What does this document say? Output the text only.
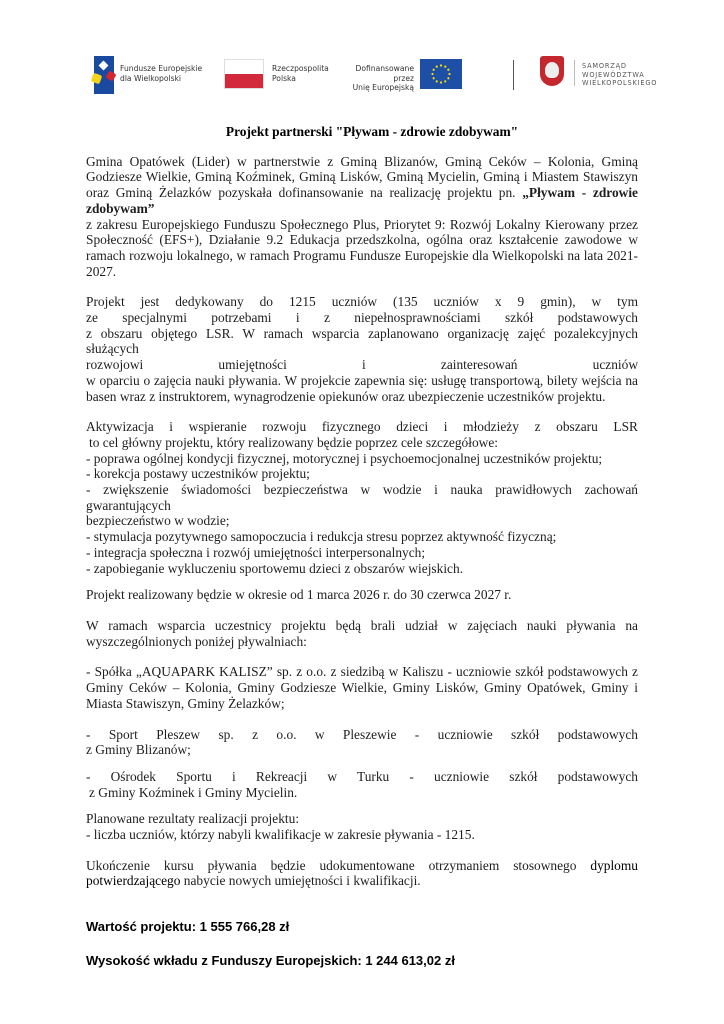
Fundusze Europejskie
dla Wielkopolski
Rzeczpospolita
Polska
Dofinansowane przez
Unię Europejską
SAMORZĄD
WOJEWÓDZTWA
WIELKOPOLSKIEGO

Projekt partnerski "Pływam - zdrowie zdobywam"

Gmina Opatówek (Lider) w partnerstwie z Gminą Blizanów, Gminą Ceków – Kolonia, Gminą
Godziesze Wielkie, Gminą Koźminek, Gminą Lisków, Gminą Mycielin, Gminą i Miastem Stawiszyn
oraz Gminą Żelazków pozyskała dofinansowanie na realizację projektu pn. „Pływam - zdrowie
zdobywam”
z zakresu Europejskiego Funduszu Społecznego Plus, Priorytet 9: Rozwój Lokalny Kierowany przez
Społeczność (EFS+), Działanie 9.2 Edukacja przedszkolna, ogólna oraz kształcenie zawodowe w
ramach rozwoju lokalnego, w ramach Programu Fundusze Europejskie dla Wielkopolski na lata 2021-
2027.
Projekt jest dedykowany do 1215 uczniów (135 uczniów x 9 gmin), w tym
ze specjalnymi potrzebami i z niepełnosprawnościami szkół podstawowych
z obszaru objętego LSR. W ramach wsparcia zaplanowano organizację zajęć pozalekcyjnych służących
rozwojowi umiejętności i zainteresowań uczniów
w oparciu o zajęcia nauki pływania. W projekcie zapewnia się: usługę transportową, bilety wejścia na
basen wraz z instruktorem, wynagrodzenie opiekunów oraz ubezpieczenie uczestników projektu.
Aktywizacja i wspieranie rozwoju fizycznego dzieci i młodzieży z obszaru LSR
to cel główny projektu, który realizowany będzie poprzez cele szczegółowe:
- poprawa ogólnej kondycji fizycznej, motorycznej i psychoemocjonalnej uczestników projektu;
- korekcja postawy uczestników projektu;
- zwiększenie świadomości bezpieczeństwa w wodzie i nauka prawidłowych zachowań gwarantujących
bezpieczeństwo w wodzie;
- stymulacja pozytywnego samopoczucia i redukcja stresu poprzez aktywność fizyczną;
- integracja społeczna i rozwój umiejętności interpersonalnych;
- zapobieganie wykluczeniu sportowemu dzieci z obszarów wiejskich.

Projekt realizowany będzie w okresie od 1 marca 2026 r. do 30 czerwca 2027 r.

W ramach wsparcia uczestnicy projektu będą brali udział w zajęciach nauki pływania na
wyszczególnionych poniżej pływalniach:
- Spółka „AQUAPARK KALISZ” sp. z o.o. z siedzibą w Kaliszu - uczniowie szkół podstawowych z
Gminy Ceków – Kolonia, Gminy Godziesze Wielkie, Gminy Lisków, Gminy Opatówek, Gminy i
Miasta Stawiszyn, Gminy Żelazków;
- Sport Pleszew sp. z o.o. w Pleszewie - uczniowie szkół podstawowych
z Gminy Blizanów;
- Ośrodek Sportu i Rekreacji w Turku - uczniowie szkół podstawowych
z Gminy Koźminek i Gminy Mycielin.
Planowane rezultaty realizacji projektu:
- liczba uczniów, którzy nabyli kwalifikacje w zakresie pływania - 1215.
Ukończenie kursu pływania będzie udokumentowane otrzymaniem stosownego dyplomu
potwierdzającego nabycie nowych umiejętności i kwalifikacji.

Wartość projektu: 1 555 766,28 zł

Wysokość wkładu z Funduszy Europejskich: 1 244 613,02 zł
